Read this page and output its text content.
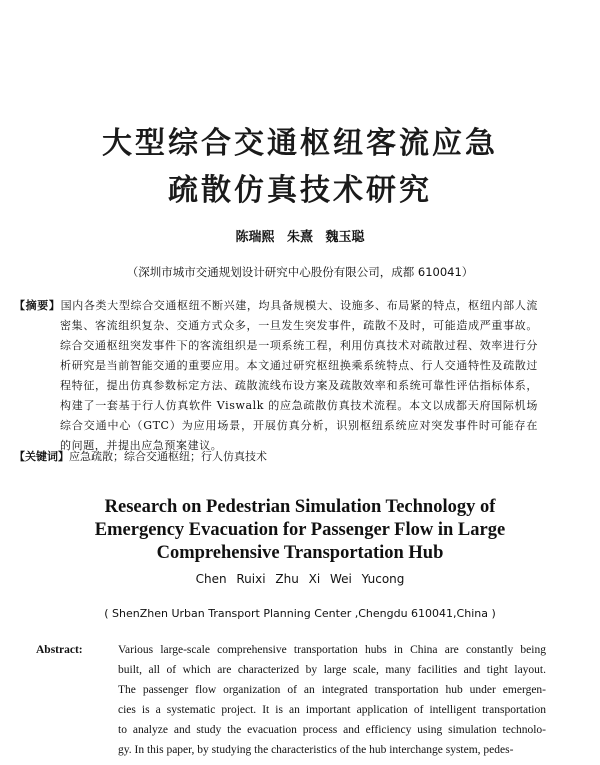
大型综合交通枢纽客流应急
疏散仿真技术研究
陈瑞熙 朱熹 魏玉聪
（深圳市城市交通规划设计研究中心股份有限公司，成都 610041）
【摘要】国内各类大型综合交通枢纽不断兴建，均具备规模大、设施多、布局紧的特点，枢纽内部人流密集、客流组织复杂、交通方式众多，一旦发生突发事件，疏散不及时，可能造成严重事故。综合交通枢纽突发事件下的客流组织是一项系统工程，利用仿真技术对疏散过程、效率进行分析研究是当前智能交通的重要应用。本文通过研究枢纽换乘系统特点、行人交通特性及疏散过程特征，提出仿真参数标定方法、疏散流线布设方案及疏散效率和系统可靠性评估指标体系，构建了一套基于行人仿真软件 Viswalk 的应急疏散仿真技术流程。本文以成都天府国际机场综合交通中心（GTC）为应用场景，开展仿真分析，识别枢纽系统应对突发事件时可能存在的问题，并提出应急预案建议。
【关键词】应急疏散；综合交通枢纽；行人仿真技术
Research on Pedestrian Simulation Technology of
Emergency Evacuation for Passenger Flow in Large
Comprehensive Transportation Hub
Chen Ruixi Zhu Xi Wei Yucong
( ShenZhen Urban Transport Planning Center ,Chengdu 610041,China )
Abstract:	Various large-scale comprehensive transportation hubs in China are constantly being
built, all of which are characterized by large scale, many facilities and tight layout.
The passenger flow organization of an integrated transportation hub under emergen-
cies is a systematic project. It is an important application of intelligent transportation
to analyze and study the evacuation process and efficiency using simulation technolo-
gy. In this paper, by studying the characteristics of the hub interchange system, pedes-
